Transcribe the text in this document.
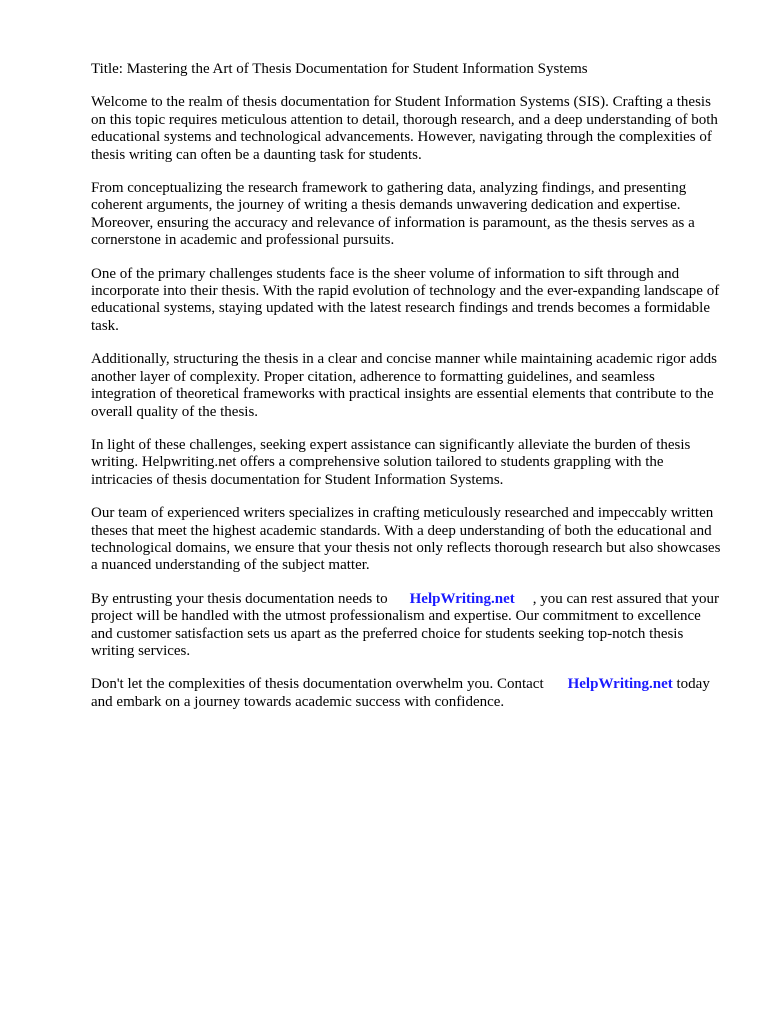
Title: Mastering the Art of Thesis Documentation for Student Information Systems

Welcome to the realm of thesis documentation for Student Information Systems (SIS). Crafting a thesis on this topic requires meticulous attention to detail, thorough research, and a deep understanding of both educational systems and technological advancements. However, navigating through the complexities of thesis writing can often be a daunting task for students.

From conceptualizing the research framework to gathering data, analyzing findings, and presenting coherent arguments, the journey of writing a thesis demands unwavering dedication and expertise. Moreover, ensuring the accuracy and relevance of information is paramount, as the thesis serves as a cornerstone in academic and professional pursuits.

One of the primary challenges students face is the sheer volume of information to sift through and incorporate into their thesis. With the rapid evolution of technology and the ever-expanding landscape of educational systems, staying updated with the latest research findings and trends becomes a formidable task.

Additionally, structuring the thesis in a clear and concise manner while maintaining academic rigor adds another layer of complexity. Proper citation, adherence to formatting guidelines, and seamless integration of theoretical frameworks with practical insights are essential elements that contribute to the overall quality of the thesis.

In light of these challenges, seeking expert assistance can significantly alleviate the burden of thesis writing. Helpwriting.net offers a comprehensive solution tailored to students grappling with the intricacies of thesis documentation for Student Information Systems.

Our team of experienced writers specializes in crafting meticulously researched and impeccably written theses that meet the highest academic standards. With a deep understanding of both the educational and technological domains, we ensure that your thesis not only reflects thorough research but also showcases a nuanced understanding of the subject matter.

By entrusting your thesis documentation needs to HelpWriting.net , you can rest assured that your project will be handled with the utmost professionalism and expertise. Our commitment to excellence and customer satisfaction sets us apart as the preferred choice for students seeking top-notch thesis writing services.

Don't let the complexities of thesis documentation overwhelm you. Contact HelpWriting.net today and embark on a journey towards academic success with confidence.
